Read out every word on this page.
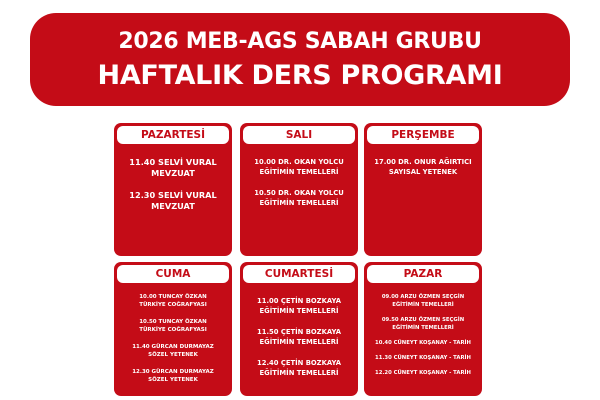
2026 MEB-AGS SABAH GRUBU
HAFTALIK DERS PROGRAMI
PAZARTESİ
11.40 SELVİ VURAL
MEVZUAT
12.30 SELVİ VURAL
MEVZUAT
SALI
10.00 DR. OKAN YOLCU
EĞİTİMİN TEMELLERİ
10.50 DR. OKAN YOLCU
EĞİTİMİN TEMELLERİ
PERŞEMBE
17.00 DR. ONUR AĞIRTICI
SAYISAL YETENEK
CUMA
10.00 TUNCAY ÖZKAN
TÜRKİYE COĞRAFYASI
10.50 TUNCAY ÖZKAN
TÜRKİYE COĞRAFYASI
11.40 GÜRCAN DURMAYAZ
SÖZEL YETENEK
12.30 GÜRCAN DURMAYAZ
SÖZEL YETENEK
CUMARTESİ
11.00 ÇETİN BOZKAYA
EĞİTİMİN TEMELLERİ
11.50 ÇETİN BOZKAYA
EĞİTİMİN TEMELLERİ
12.40 ÇETİN BOZKAYA
EĞİTİMİN TEMELLERİ
PAZAR
09.00 ARZU ÖZMEN SEÇGİN
EĞİTİMİN TEMELLERİ
09.50 ARZU ÖZMEN SEÇGİN
EĞİTİMİN TEMELLERİ
10.40 CÜNEYT KOŞANAY - TARİH
11.30 CÜNEYT KOŞANAY - TARİH
12.20 CÜNEYT KOŞANAY - TARİH
